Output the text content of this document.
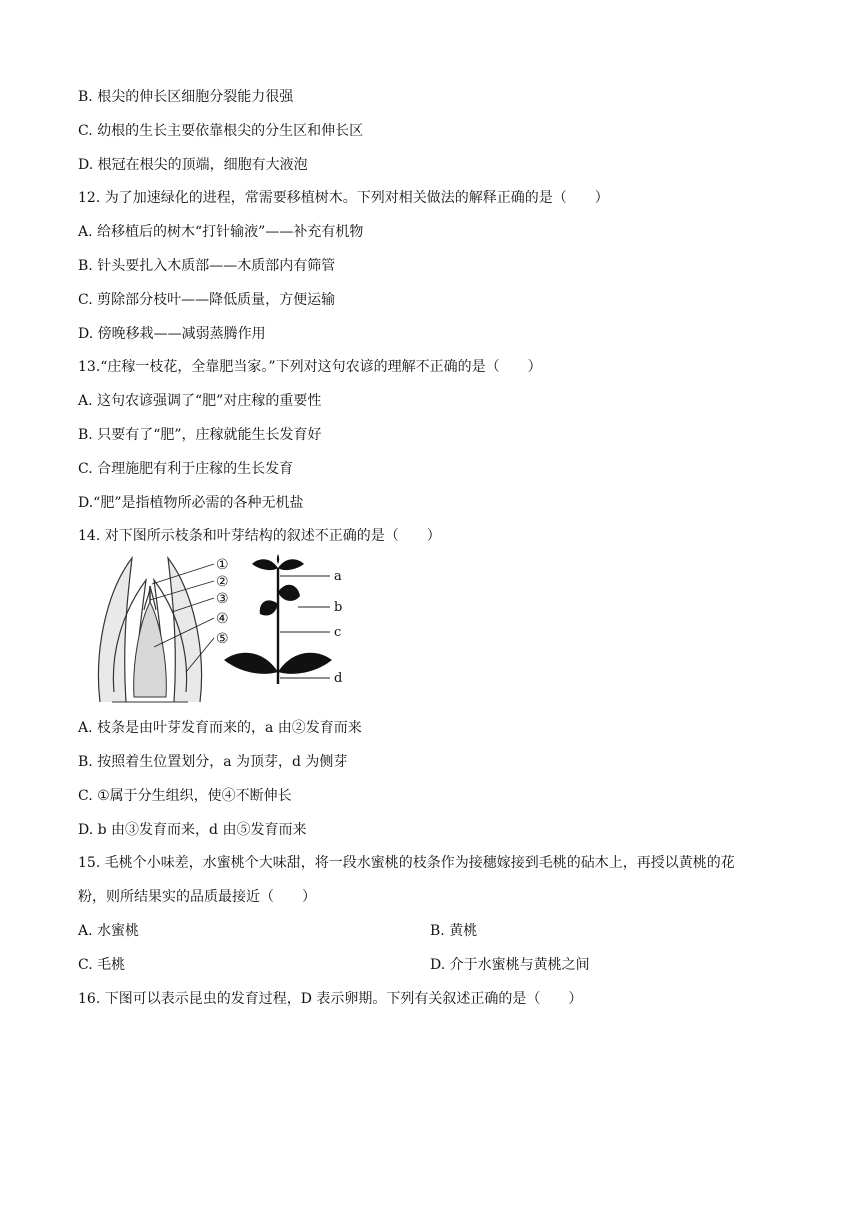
B. 根尖的伸长区细胞分裂能力很强
C. 幼根的生长主要依靠根尖的分生区和伸长区
D. 根冠在根尖的顶端，细胞有大液泡
12. 为了加速绿化的进程，常需要移植树木。下列对相关做法的解释正确的是（　　）
A. 给移植后的树木“打针输液”——补充有机物
B. 针头要扎入木质部——木质部内有筛管
C. 剪除部分枝叶——降低质量，方便运输
D. 傍晚移栽——减弱蒸腾作用
13.“庄稼一枝花，全靠肥当家。”下列对这句农谚的理解不正确的是（　　）
A. 这句农谚强调了“肥”对庄稼的重要性
B. 只要有了“肥”，庄稼就能生长发育好
C. 合理施肥有利于庄稼的生长发育
D.“肥”是指植物所必需的各种无机盐
14. 对下图所示枝条和叶芽结构的叙述不正确的是（　　）
①
②
③
④
⑤
a
b
c
d
A. 枝条是由叶芽发育而来的，a 由②发育而来
B. 按照着生位置划分，a 为顶芽，d 为侧芽
C. ①属于分生组织，使④不断伸长
D. b 由③发育而来，d 由⑤发育而来
15. 毛桃个小味差，水蜜桃个大味甜，将一段水蜜桃的枝条作为接穗嫁接到毛桃的砧木上，再授以黄桃的花
粉，则所结果实的品质最接近（　　）
A. 水蜜桃	B. 黄桃
C. 毛桃	D. 介于水蜜桃与黄桃之间
16. 下图可以表示昆虫的发育过程，D 表示卵期。下列有关叙述正确的是（　　）
